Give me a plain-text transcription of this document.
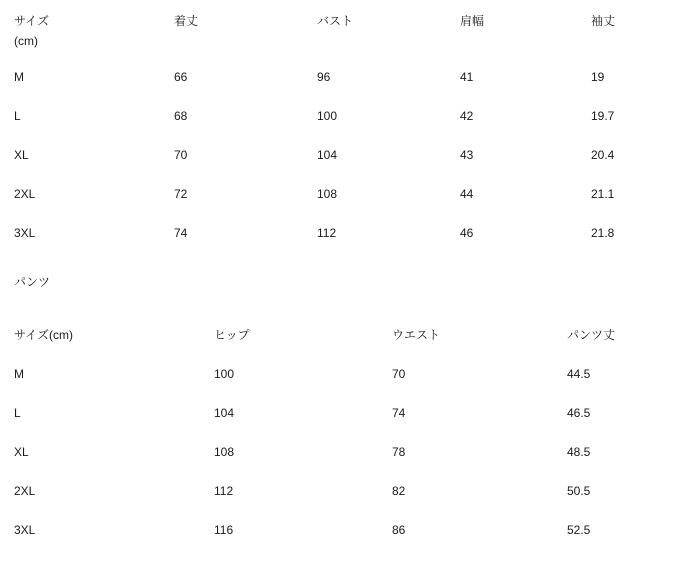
サイズ
(cm)	着丈	バスト	肩幅	袖丈
M	66	96	41	19
L	68	100	42	19.7
XL	70	104	43	20.4
2XL	72	108	44	21.1
3XL	74	112	46	21.8
パンツ
サイズ(cm)	ヒップ	ウエスト	パンツ丈
M	100	70	44.5
L	104	74	46.5
XL	108	78	48.5
2XL	112	82	50.5
3XL	116	86	52.5
